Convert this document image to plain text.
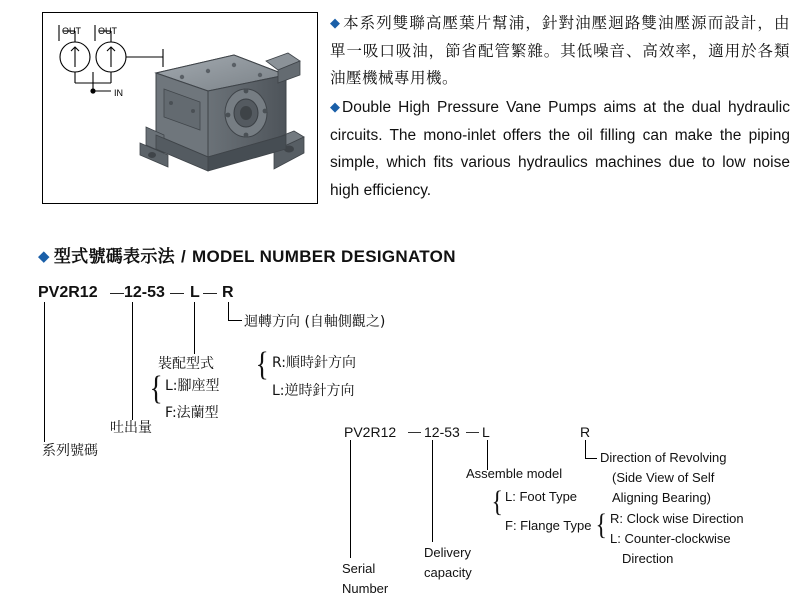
OUT OUT
IN

◆ 本系列雙聯高壓葉片幫浦，針對油壓迴路雙油壓源而設計，由單一吸口吸油，節省配管繁雜。其低噪音、高效率，適用於各類油壓機械專用機。

◆ Double High Pressure Vane Pumps aims at the dual hydraulic circuits. The mono-inlet offers the oil filling can make the piping simple, which fits various hydraulics machines due to low noise high efficiency.

◆ 型式號碼表示法 / MODEL NUMBER DESIGNATON
PV2R12 — 12-53 — L — R
迴轉方向 (自軸側觀之)
{ R:順時針方向
L:逆時針方向
裝配型式
{ L:腳座型
F:法蘭型
吐出量
系列號碼
PV2R12 — 12-53 — L	R
Direction of Revolving
(Side View of Self
Aligning Bearing)
{ R: Clock wise Direction
L: Counter-clockwise
Direction
Assemble model
{ L: Foot Type
F: Flange Type
Delivery
capacity
Serial
Number
